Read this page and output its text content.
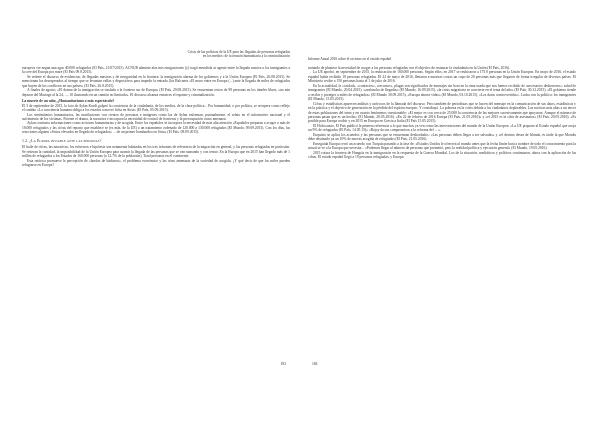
Crisis de las políticas de la UE para las llegadas de personas refugiadas
en los medios: de la tensión humanitaria a la criminalización

europeos vie negan una agar 40.000 refugiados (El País, 21/07/2015). ACNUR adminte alas mis emigraciones (y) tragó mendiola ar agente entre la llegada masiva a los inmigrantes a la cree del Europa por mare (El País 09.8.2015).

Se retiene el discurso de evidencias, de llegadas masivas y de inseguridad en la frontera: la inmigración alarma de los gobiernos y a la Unión Europea (El País, 26.08.2015). Se mencionan los desesperados al tiempo que se levantan vallas y dispositivos para impedir la entrada (los Balcanes «El muro entre en Europa (...) ante la llegada de miles de refugiados que huyen de los conflictos en sus países» (El País, 26.8.2015).

A finales de agosto, «El drama de la inmigración se traslada a la frontera sur de Europa» (El País, 29.08.2015). Se encuentran restos de 98 personas en los túneles libres, «no aún dejaron del Mariage al la 24, ..., 10 ilustrando en un camión no limitado». El discurso alcanza entonces el espanto y criminalización.

La muerte de un niño, ¿Humanitarismo o más espectáculo?

El 3 de septiembre de 2015, la foto de Aylan Kurdi golpeó la conciencia de la ciudadanía, de los medios, de la clase política... Por humanidad, o por política, se recupera como reflejo el cambio «La conciencia humana obliga a los estados a mover ficha en Siria» (El País, 05.09.2015).

Los sentimientos humanitarios, las mutilaciones con cientos de personas e imágenes como las de Aylan enfrentan, puntualmente, el relato en el informativo nacional y el sufrimiento de los víctimas. Potente el drama, la narrativa e incorpora la necesidad de control de fronteras y la preocupación como amenaza.

Aylan contrasta informaciones como acciones humanitarias y de acogida. Entre los españoles se incorpora la necesidad de más alta atención «Españoles preparan a acoger a más de 18.000 refugiados y las cifras del reparto que establece se (es más, de la UE) a un tratamiento ordenado de 120.000 a 130.000 refugiados (El Mundo, 09.09.2015). Con los días, las reacciones alguien «Sirios elevados en llegada de refugiados» ... de un primer bombardeo en Siria» (El País, 08.09.2015).

1.2. ¿La Europa inviable ante las personas?

El baile de cifras, las narrativas, los esfuerzos e hipótesis son netamente habitadas en los tres informes de referencia de la migración en general, y las personas refugiadas en particular. Se reiteran la cantidad, la imposibilidad de la Unión Europea para asumir la llegada de las personas que se van sumando y con temor. En la Europa que en 2015 han llegado más de 1 millón de refugiados a los Estados de 160.000 personas (o 12,7% de la población). Total personas en el continente.

Esta retórica promueve la percepción de «hordas de bárbaros», el problema económico y las otras amenazas de la sociedad de acogida. ¿Y qué decir de que los miles pueden refugiarse en Europa?

183
Informe Anual 2016 sobre el racismo en el estado español

tratando de plantear la necesidad de acoger a las personas refugiadas con el objetivo de restaurar la ciudadanía en la Unión (El País, 2016).

La UE aprobó, en septiembre de 2015, la reubicación de 160.000 personas. Según ellos, en 2017 se reubicaron a 175.0 personas en la Unión Europea. En mayo de 2016, el estado español había recibido 18 personas refugiadas. El 22 de mayo de 2016, llenaron a nuestras costas un cupo de 20 personas más que llegaron de forma irregular de diversos países. El Ministerio recibe a 150 personas hasta el 1 de julio de 2016.

En la actualidad, la «ciudad», «contactos», «recursos», plagas son significados de mensajes sin hora en la rima usada que nos hemos recibido de «necesarios deshonores»: salud de inmigrantes (El Mundo, 20.04.2015). «avalancha de llegadas» (El Mundo, 16.09.2015), «la crisis migratoria se convierte en el tema del año» (El País, 30.12.2015). «El gobierno tiende a recibir y proteger a miles de refugiados» (El Mundo 30.09.2015), «Europa ahorra vidas» (El Mundo, 03.10.2015), «Los datos controvertidos». Lucha con la política: los inmigrantes (El Mundo, 15.05.2015).

Cifras y estadísticas aparecen análisis y unívocos de la llamada del discurso. Pero también de periodistas que se hacen del mensaje en la comunicación de sus datos, estadísticas y en la práctica y el objetivo de generación en la pérdida del espíritu europeo. Y contribuyó. La pobreza en la crisis debida a los ciudadanos deplorables. Las noticias más altas a un tercer de estas poblaciones del tema y en cuanto fenómenos cuestionable: «El mejor es con cerca de 25.000 la conciencia de las mejores sucesivamente que apoyaron. Aunque el número de personas pasan que es un hecho» (El Mundo, 20.05.2016). «En 22 de febrero de 2016 Europa (El País, 21.05.2016)» y «el 2015 es la cifra de asesinatos» (El País, 20.05.2016). «Es posible para Europa recibir y en 2015 en Europa en Grecia a Italia (El País 15.05.2015).

El Holocausto, El País publicó la primera referencia a lo que muchos ya ven como las intervenciones del mundo de la Unión Europea: «La UE propone al Estado español que acoja un 9% de refugiados (El País, 14.05.15)» «Rajoy da sus compromisos a la reforma del ... ».

Enquisto se aplica los acuerdos y las personas que se encuentran desbordados: «Las personas deben llegar a ser salvadas» y «el destino desea de Irlanda, es tarde la que Mondis debe destinarle ya un 10% de nuevas acogida de refugiados (El País, 21.05.2016).

Enseguida Europa cerró un acuerdo con Turquía pasando a la fase de: «Estados Unidos le ofrecerá al mundo antes que la fecha límite hará a nombre de todo el conocimiento para la actual se ve a la Europa que necesita... «Podemos llegar al número de personas que prometió, pero la realidad política y ejecución general» (El Mundo, 19.05.2016).

2015 rotura la frontera de Hungría en la inmigración en la respuesta de la Guerra Mundial. Los de la situación, mediáticos y políticos continuaron, ahora con la aplicación de las cifras. El estado español llegó a 19 personas refugiadas; y Europa

184
